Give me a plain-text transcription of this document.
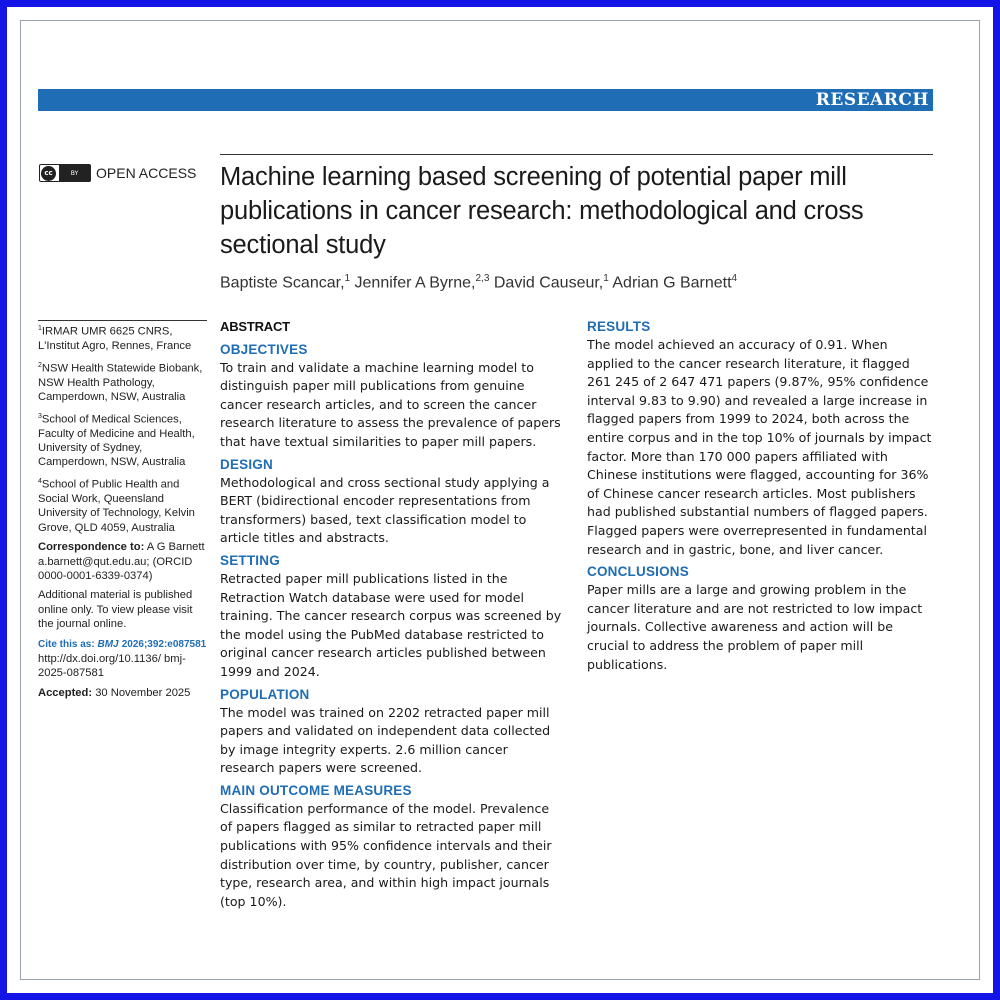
RESEARCH
cc	BY	OPEN ACCESS Machine learning based screening of potential paper mill publications in cancer research: methodological and cross sectional study
Baptiste Scancar,$^1$ Jennifer A Byrne,$^{2,3}$ David Causeur,$^1$ Adrian G Barnett$^4$

$^1$IRMAR UMR 6625 CNRS, L'Institut Agro, Rennes, France

$^2$NSW Health Statewide Biobank, NSW Health Pathology, Camperdown, NSW, Australia

$^3$School of Medical Sciences, Faculty of Medicine and Health, University of Sydney, Camperdown, NSW, Australia

$^4$School of Public Health and Social Work, Queensland University of Technology, Kelvin Grove, QLD 4059, Australia

Correspondence to: A G Barnett a.barnett@qut.edu.au; (ORCID 0000-0001-6339-0374)

Additional material is published online only. To view please visit the journal online.

Cite this as: BMJ 2026;392:e087581
http://dx.doi.org/10.1136/ bmj-2025-087581

Accepted: 30 November 2025

ABSTRACT

OBJECTIVES

To train and validate a machine learning model to distinguish paper mill publications from genuine cancer research articles, and to screen the cancer research literature to assess the prevalence of papers that have textual similarities to paper mill papers.

DESIGN

Methodological and cross sectional study applying a BERT (bidirectional encoder representations from transformers) based, text classification model to article titles and abstracts.

SETTING

Retracted paper mill publications listed in the Retraction Watch database were used for model training. The cancer research corpus was screened by the model using the PubMed database restricted to original cancer research articles published between 1999 and 2024.

POPULATION

The model was trained on 2202 retracted paper mill papers and validated on independent data collected by image integrity experts. 2.6 million cancer research papers were screened.

MAIN OUTCOME MEASURES

Classification performance of the model. Prevalence of papers flagged as similar to retracted paper mill publications with 95% confidence intervals and their distribution over time, by country, publisher, cancer type, research area, and within high impact journals (top 10%).

RESULTS

The model achieved an accuracy of 0.91. When applied to the cancer research literature, it flagged 261 245 of 2 647 471 papers (9.87%, 95% confidence interval 9.83 to 9.90) and revealed a large increase in flagged papers from 1999 to 2024, both across the entire corpus and in the top 10% of journals by impact factor. More than 170 000 papers affiliated with Chinese institutions were flagged, accounting for 36% of Chinese cancer research articles. Most publishers had published substantial numbers of flagged papers. Flagged papers were overrepresented in fundamental research and in gastric, bone, and liver cancer.

CONCLUSIONS

Paper mills are a large and growing problem in the cancer literature and are not restricted to low impact journals. Collective awareness and action will be crucial to address the problem of paper mill publications.
